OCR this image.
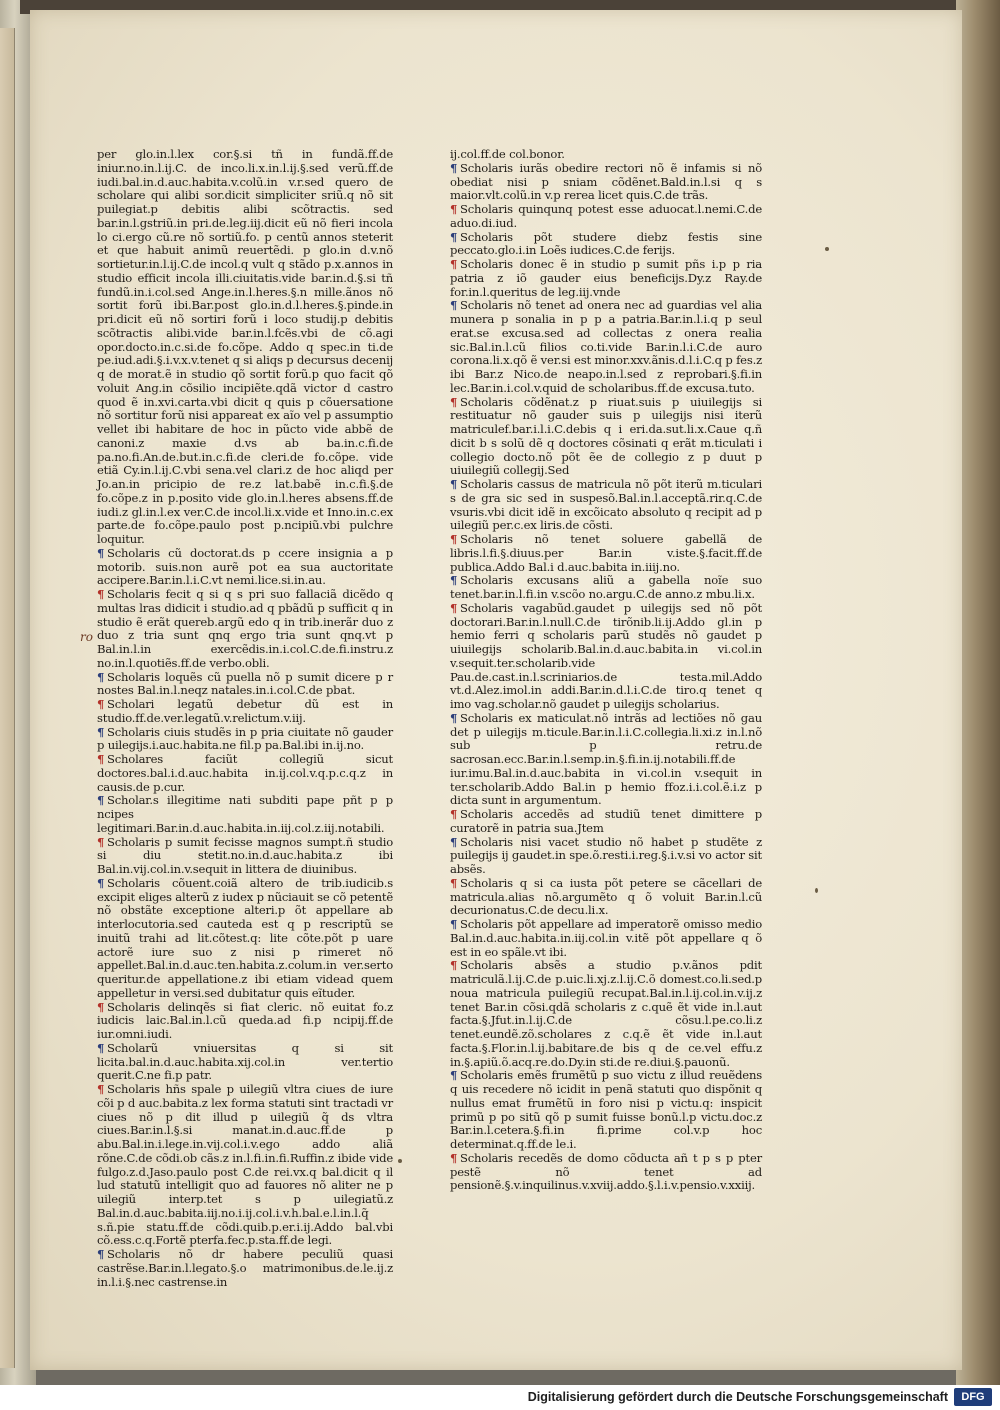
per glo.in.l.lex cor.§.si tñ in fundã.ff.de iniur.no.in.l.ij.C. de inco.li.x.in.l.ij.§.sed verũ.ff.de iudi.bal.in.d.auc.habita.v.colũ.in v.r.sed quero de scholare qui alibi sor.dicit simpliciter sriũ.q nõ sit puilegiat.p debitis alibi scõtractis. sed bar.in.l.gstriũ.in pri.de.leg.iij.dicit eũ nõ fieri incola lo ci.ergo cũ.re nõ sortiũ.fo. p centũ annos steterit et que habuit animũ reuertẽdi. p glo.in d.v.nõ sortietur.in.l.ij.C.de incol.q vult q stãdo p.x.annos in studio efficit incola illi.ciuitatis.vide bar.in.d.§.si tñ fundũ.in.i.col.sed Ange.in.l.heres.§.n mille.ãnos nõ sortit forũ ibi.Bar.post glo.in.d.l.heres.§.pinde.in pri.dicit eũ nõ sortiri forũ i loco studij.p debitis scõtractis alibi.vide bar.in.l.fcẽs.vbi de cõ.agi opor.docto.in.c.si.de fo.cõpe. Addo q spec.in ti.de pe.iud.adi.§.i.v.x.v.tenet q si aliqs p decursus decenij q de morat.ẽ in studio qõ sortit forũ.p quo facit qõ voluit Ang.in cõsilio incipiẽte.qdã victor d castro quod ẽ in.xvi.carta.vbi dicit q quis p cõuersatione nõ sortitur forũ nisi appareat ex aĩo vel p assumptio vellet ibi habitare de hoc in pũcto vide abbẽ de canoni.z maxie d.vs ab ba.in.c.fi.de pa.no.fi.An.de.but.in.c.fi.de cleri.de fo.cõpe. vide etiã Cy.in.l.ij.C.vbi sena.vel clari.z de hoc aliqd per Jo.an.in pricipio de re.z lat.babẽ in.c.fi.§.de fo.cõpe.z in p.posito vide glo.in.l.heres absens.ff.de iudi.z gl.in.l.ex ver.C.de incol.li.x.vide et Inno.in.c.ex parte.de fo.cõpe.paulo post p.ncipiũ.vbi pulchre loquitur.

¶ Scholaris cũ doctorat.ds p ccere insignia a p motorib. suis.non aurẽ pot ea sua auctoritate accipere.Bar.in.l.i.C.vt nemi.lice.si.in.au.

¶ Scholaris fecit q si q s pri suo fallaciã dicẽdo q multas lras didicit i studio.ad q pbãdũ p sufficit q in studio ẽ erãt quereb.argũ edo q in trib.inerãr duo z duo z tria sunt qnq ergo tria sunt qnq.vt p Bal.in.l.in exercẽdis.in.i.col.C.de.fi.instru.z no.in.l.quotiẽs.ff.de verbo.obli.

¶ Scholaris loquẽs cũ puella nõ p sumit dicere p r nostes Bal.in.l.neqz natales.in.i.col.C.de pbat.

¶ Scholari legatũ debetur dũ est in studio.ff.de.ver.legatũ.v.relictum.v.iij.

¶ Scholaris ciuis studẽs in p pria ciuitate nõ gauder p uilegijs.i.auc.habita.ne fil.p pa.Bal.ibi in.ij.no.

¶ Scholares faciũt collegiũ sicut doctores.bal.i.d.auc.habita in.ij.col.v.q.p.c.q.z in causis.de p.cur.

¶ Scholar.s illegitime nati subditi pape pñt p p ncipes legitimari.Bar.in.d.auc.habita.in.iij.col.z.iij.notabili.

¶ Scholaris p sumit fecisse magnos sumpt.ñ studio si diu stetit.no.in.d.auc.habita.z ibi Bal.in.vij.col.in.v.sequit in littera de diuinibus.

¶ Scholaris cõuent.coiã altero de trib.iudicib.s excipit eliges alterũ z iudex p nũciauit se cõ petentẽ nõ obstãte exceptione alteri.p õt appellare ab interlocutoria.sed cauteda est q p rescriptũ se inuitũ trahi ad lit.cõtest.q: lite cõte.põt p uare actorẽ iure suo z nisi p rimeret nõ appellet.Bal.in.d.auc.ten.habita.z.colum.in ver.serto queritur.de appellatione.z ibi etiam videad quem appelletur in versi.sed dubitatur quis eĩtuder.

¶ Scholaris delinqẽs si fiat cleric. nõ euitat fo.z iudicis laic.Bal.in.l.cũ queda.ad fi.p ncipij.ff.de iur.omni.iudi.

¶ Scholarũ vniuersitas q si sit licita.bal.in.d.auc.habita.xij.col.in ver.tertio querit.C.ne fi.p patr.

¶ Scholaris hñs spale p uilegiũ vltra ciues de iure cõi p d auc.babita.z lex forma statuti sint tractadi vr ciues nõ p dit illud p uilegiũ q̃ ds vltra ciues.Bar.in.l.§.si manat.in.d.auc.ff.de p abu.Bal.in.i.lege.in.vij.col.i.v.ego addo aliã rõne.C.de cõdi.ob cãs.z in.l.fi.in.fi.Ruffin.z ibide vide fulgo.z.d.Jaso.paulo post C.de rei.vx.q bal.dicit q il lud statutũ intelligit quo ad fauores nõ aliter ne p uilegiũ interp.tet s p uilegiatũ.z Bal.in.d.auc.babita.iij.no.i.ij.col.i.v.h.bal.e.l.in.l.q̃ s.ñ.pie statu.ff.de cõdi.quib.p.er.i.ij.Addo bal.vbi cõ.ess.c.q.Fortẽ pterfa.fec.p.sta.ff.de legi.

¶ Scholaris nõ dr habere peculiũ quasi castrẽse.Bar.in.l.legato.§.o matrimonibus.de.le.ij.z in.l.i.§.nec castrense.in

ij.col.ff.de col.bonor.

¶ Scholaris iurãs obedire rectori nõ ẽ infamis si nõ obediat nisi p sniam cõdẽnet.Bald.in.l.si q s maior.vlt.colũ.in v.p rerea licet quis.C.de trãs.

¶ Scholaris quinqunq potest esse aduocat.l.nemi.C.de aduo.di.iud.

¶ Scholaris põt studere diebz festis sine peccato.glo.i.in Loẽs iudices.C.de ferijs.

¶ Scholaris donec ẽ in studio p sumit pñs i.p p ria patria z iõ gauder eius beneficijs.Dy.z Ray.de for.in.l.queritus de leg.iij.vnde

¶ Scholaris nõ tenet ad onera nec ad guardias vel alia munera p sonalia in p p a patria.Bar.in.l.i.q p seul erat.se excusa.sed ad collectas z onera realia sic.Bal.in.l.cũ filios co.ti.vide Bar.in.l.i.C.de auro corona.li.x.qõ ẽ ver.si est minor.xxv.ãnis.d.l.i.C.q p fes.z ibi Bar.z Nico.de neapo.in.l.sed z reprobari.§.fi.in lec.Bar.in.i.col.v.quid de scholaribus.ff.de excusa.tuto.

¶ Scholaris cõdẽnat.z p riuat.suis p uiuilegijs si restituatur nõ gauder suis p uilegijs nisi iterũ matriculef.bar.i.l.i.C.debis q i eri.da.sut.li.x.Caue q.ñ dicit b s solũ dẽ q doctores cõsinati q erãt m.ticulati i collegio docto.nõ põt ẽe de collegio z p duut p uiuilegiũ collegij.Sed

¶ Scholaris cassus de matricula nõ põt iterũ m.ticulari s de gra sic sed in suspesõ.Bal.in.l.acceptã.rir.q.C.de vsuris.vbi dicit idẽ in excõicato absoluto q recipit ad p uilegiũ per.c.ex liris.de cõsti.

¶ Scholaris nõ tenet soluere gabellã de libris.l.fi.§.diuus.per Bar.in v.iste.§.facit.ff.de publica.Addo Bal.i d.auc.babita in.iiij.no.

¶ Scholaris excusans aliũ a gabella noĩe suo tenet.bar.in.l.fi.in v.scõo no.argu.C.de anno.z mbu.li.x.

¶ Scholaris vagabũd.gaudet p uilegijs sed nõ põt doctorari.Bar.in.l.null.C.de tirõnib.li.ij.Addo gl.in p hemio ferri q scholaris parũ studẽs nõ gaudet p uiuilegijs scholarib.Bal.in.d.auc.babita.in vi.col.in v.sequit.ter.scholarib.vide Pau.de.cast.in.l.scriniarios.de testa.mil.Addo vt.d.Alez.imol.in addi.Bar.in.d.l.i.C.de tiro.q tenet q imo vag.scholar.nõ gaudet p uilegijs scholarius.

¶ Scholaris ex maticulat.nõ intrãs ad lectiões nõ gau det p uilegijs m.ticule.Bar.in.l.i.C.collegia.li.xi.z in.l.nõ sub p retru.de sacrosan.ecc.Bar.in.l.semp.in.§.fi.in.ij.notabili.ff.de iur.imu.Bal.in.d.auc.babita in vi.col.in v.sequit in ter.scholarib.Addo Bal.in p hemio ffoz.i.i.col.ẽ.i.z p dicta sunt in argumentum.

¶ Scholaris accedẽs ad studiũ tenet dimittere p curatorẽ in patria sua.Jtem

¶ Scholaris nisi vacet studio nõ habet p studẽte z puilegijs ij gaudet.in spe.õ.resti.i.reg.§.i.v.si vo actor sit absẽs.

¶ Scholaris q si ca iusta põt petere se cãcellari de matricula.alias nõ.argumẽto q õ voluit Bar.in.l.cũ decurionatus.C.de decu.li.x.

¶ Scholaris põt appellare ad imperatorẽ omisso medio Bal.in.d.auc.habita.in.iij.col.in v.itẽ põt appellare q õ est in eo spãle.vt ibi.

¶ Scholaris absẽs a studio p.v.ãnos pdit matriculã.l.ij.C.de p.uic.li.xj.z.l.ij.C.õ domest.co.li.sed.p noua matricula puilegiũ recupat.Bal.in.l.ij.col.in.v.ij.z tenet Bar.in cõsi.qdã scholaris z c.quẽ ẽt vide in.l.aut facta.§.Jfut.in.l.ij.C.de cõsu.l.pe.co.li.z tenet.eundẽ.zõ.scholares z c.q.ẽ ẽt vide in.l.aut facta.§.Flor.in.l.ij.babitare.de bis q de ce.vel effu.z in.§.apiũ.õ.acq.re.do.Dy.in sti.de re.diui.§.pauonũ.

¶ Scholaris emẽs frumẽtũ p suo victu z illud reuẽdens q uis recedere nõ icidit in penã statuti quo dispõnit q nullus emat frumẽtũ in foro nisi p victu.q: inspicit primũ p po sitũ qõ p sumit fuisse bonũ.l.p victu.doc.z Bar.in.l.cetera.§.fi.in fi.prime col.v.p hoc determinat.q.ff.de le.i.

¶ Scholaris recedẽs de domo cõducta añ t p s p pter pestẽ nõ tenet ad pensionẽ.§.v.inquilinus.v.xviij.addo.§.l.i.v.pensio.v.xxiij.

ro
Digitalisierung gefördert durch die Deutsche Forschungsgemeinschaft	DFG
